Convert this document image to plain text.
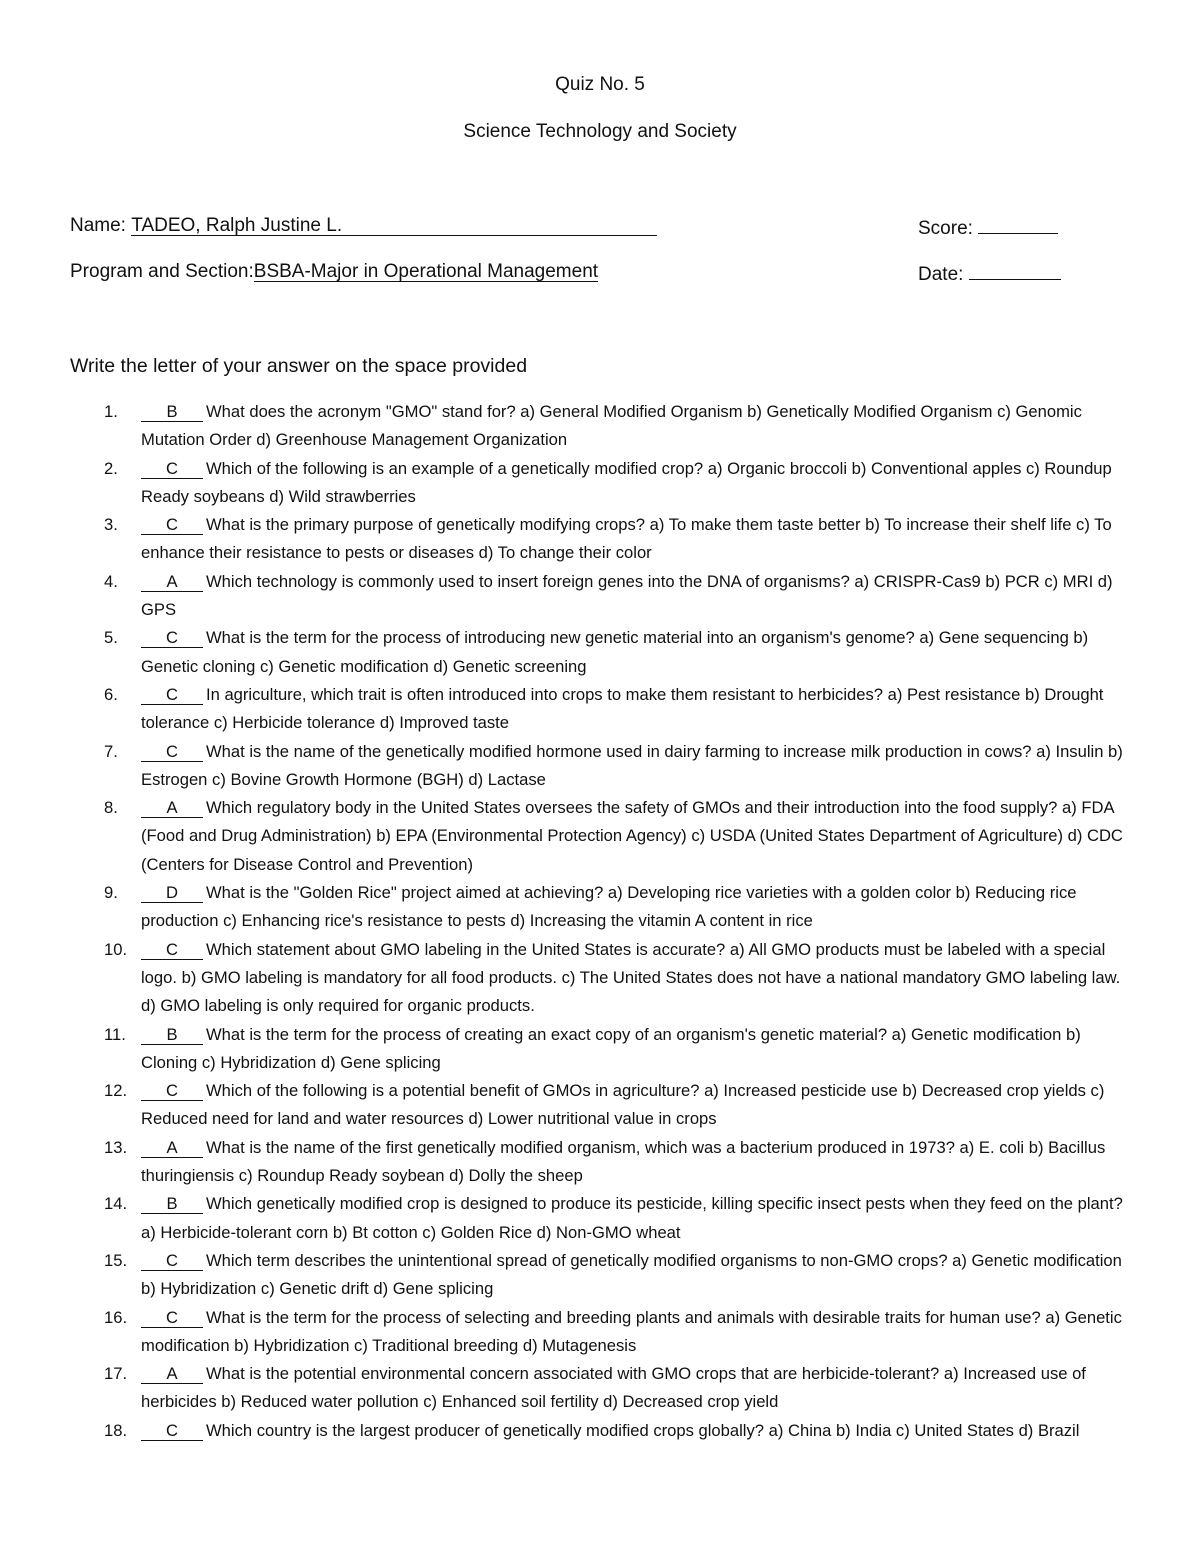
Quiz No. 5
Science Technology and Society
Name: TADEO, Ralph Justine L.
Program and Section:BSBA-Major in Operational Management
Score:
Date:
Write the letter of your answer on the space provided
1.	B What does the acronym "GMO" stand for? a) General Modified Organism b) Genetically Modified Organism c) Genomic Mutation Order d) Greenhouse Management Organization
2.	C Which of the following is an example of a genetically modified crop? a) Organic broccoli b) Conventional apples c) Roundup Ready soybeans d) Wild strawberries
3.	C What is the primary purpose of genetically modifying crops? a) To make them taste better b) To increase their shelf life c) To enhance their resistance to pests or diseases d) To change their color
4.	A Which technology is commonly used to insert foreign genes into the DNA of organisms? a) CRISPR-Cas9 b) PCR c) MRI d) GPS
5.	C What is the term for the process of introducing new genetic material into an organism's genome? a) Gene sequencing b) Genetic cloning c) Genetic modification d) Genetic screening
6.	C In agriculture, which trait is often introduced into crops to make them resistant to herbicides? a) Pest resistance b) Drought tolerance c) Herbicide tolerance d) Improved taste
7.	C What is the name of the genetically modified hormone used in dairy farming to increase milk production in cows? a) Insulin b) Estrogen c) Bovine Growth Hormone (BGH) d) Lactase
8.	A Which regulatory body in the United States oversees the safety of GMOs and their introduction into the food supply? a) FDA (Food and Drug Administration) b) EPA (Environmental Protection Agency) c) USDA (United States Department of Agriculture) d) CDC (Centers for Disease Control and Prevention)
9.	D What is the "Golden Rice" project aimed at achieving? a) Developing rice varieties with a golden color b) Reducing rice production c) Enhancing rice's resistance to pests d) Increasing the vitamin A content in rice
10. C Which statement about GMO labeling in the United States is accurate? a) All GMO products must be labeled with a special logo. b) GMO labeling is mandatory for all food products. c) The United States does not have a national mandatory GMO labeling law. d) GMO labeling is only required for organic products.
11. B What is the term for the process of creating an exact copy of an organism's genetic material? a) Genetic modification b) Cloning c) Hybridization d) Gene splicing
12. C Which of the following is a potential benefit of GMOs in agriculture? a) Increased pesticide use b) Decreased crop yields c) Reduced need for land and water resources d) Lower nutritional value in crops
13. A What is the name of the first genetically modified organism, which was a bacterium produced in 1973? a) E. coli b) Bacillus thuringiensis c) Roundup Ready soybean d) Dolly the sheep
14. B Which genetically modified crop is designed to produce its pesticide, killing specific insect pests when they feed on the plant? a) Herbicide-tolerant corn b) Bt cotton c) Golden Rice d) Non-GMO wheat
15. C Which term describes the unintentional spread of genetically modified organisms to non-GMO crops? a) Genetic modification b) Hybridization c) Genetic drift d) Gene splicing
16. C What is the term for the process of selecting and breeding plants and animals with desirable traits for human use? a) Genetic modification b) Hybridization c) Traditional breeding d) Mutagenesis
17. A What is the potential environmental concern associated with GMO crops that are herbicide-tolerant? a) Increased use of herbicides b) Reduced water pollution c) Enhanced soil fertility d) Decreased crop yield
18. C Which country is the largest producer of genetically modified crops globally? a) China b) India c) United States d) Brazil
